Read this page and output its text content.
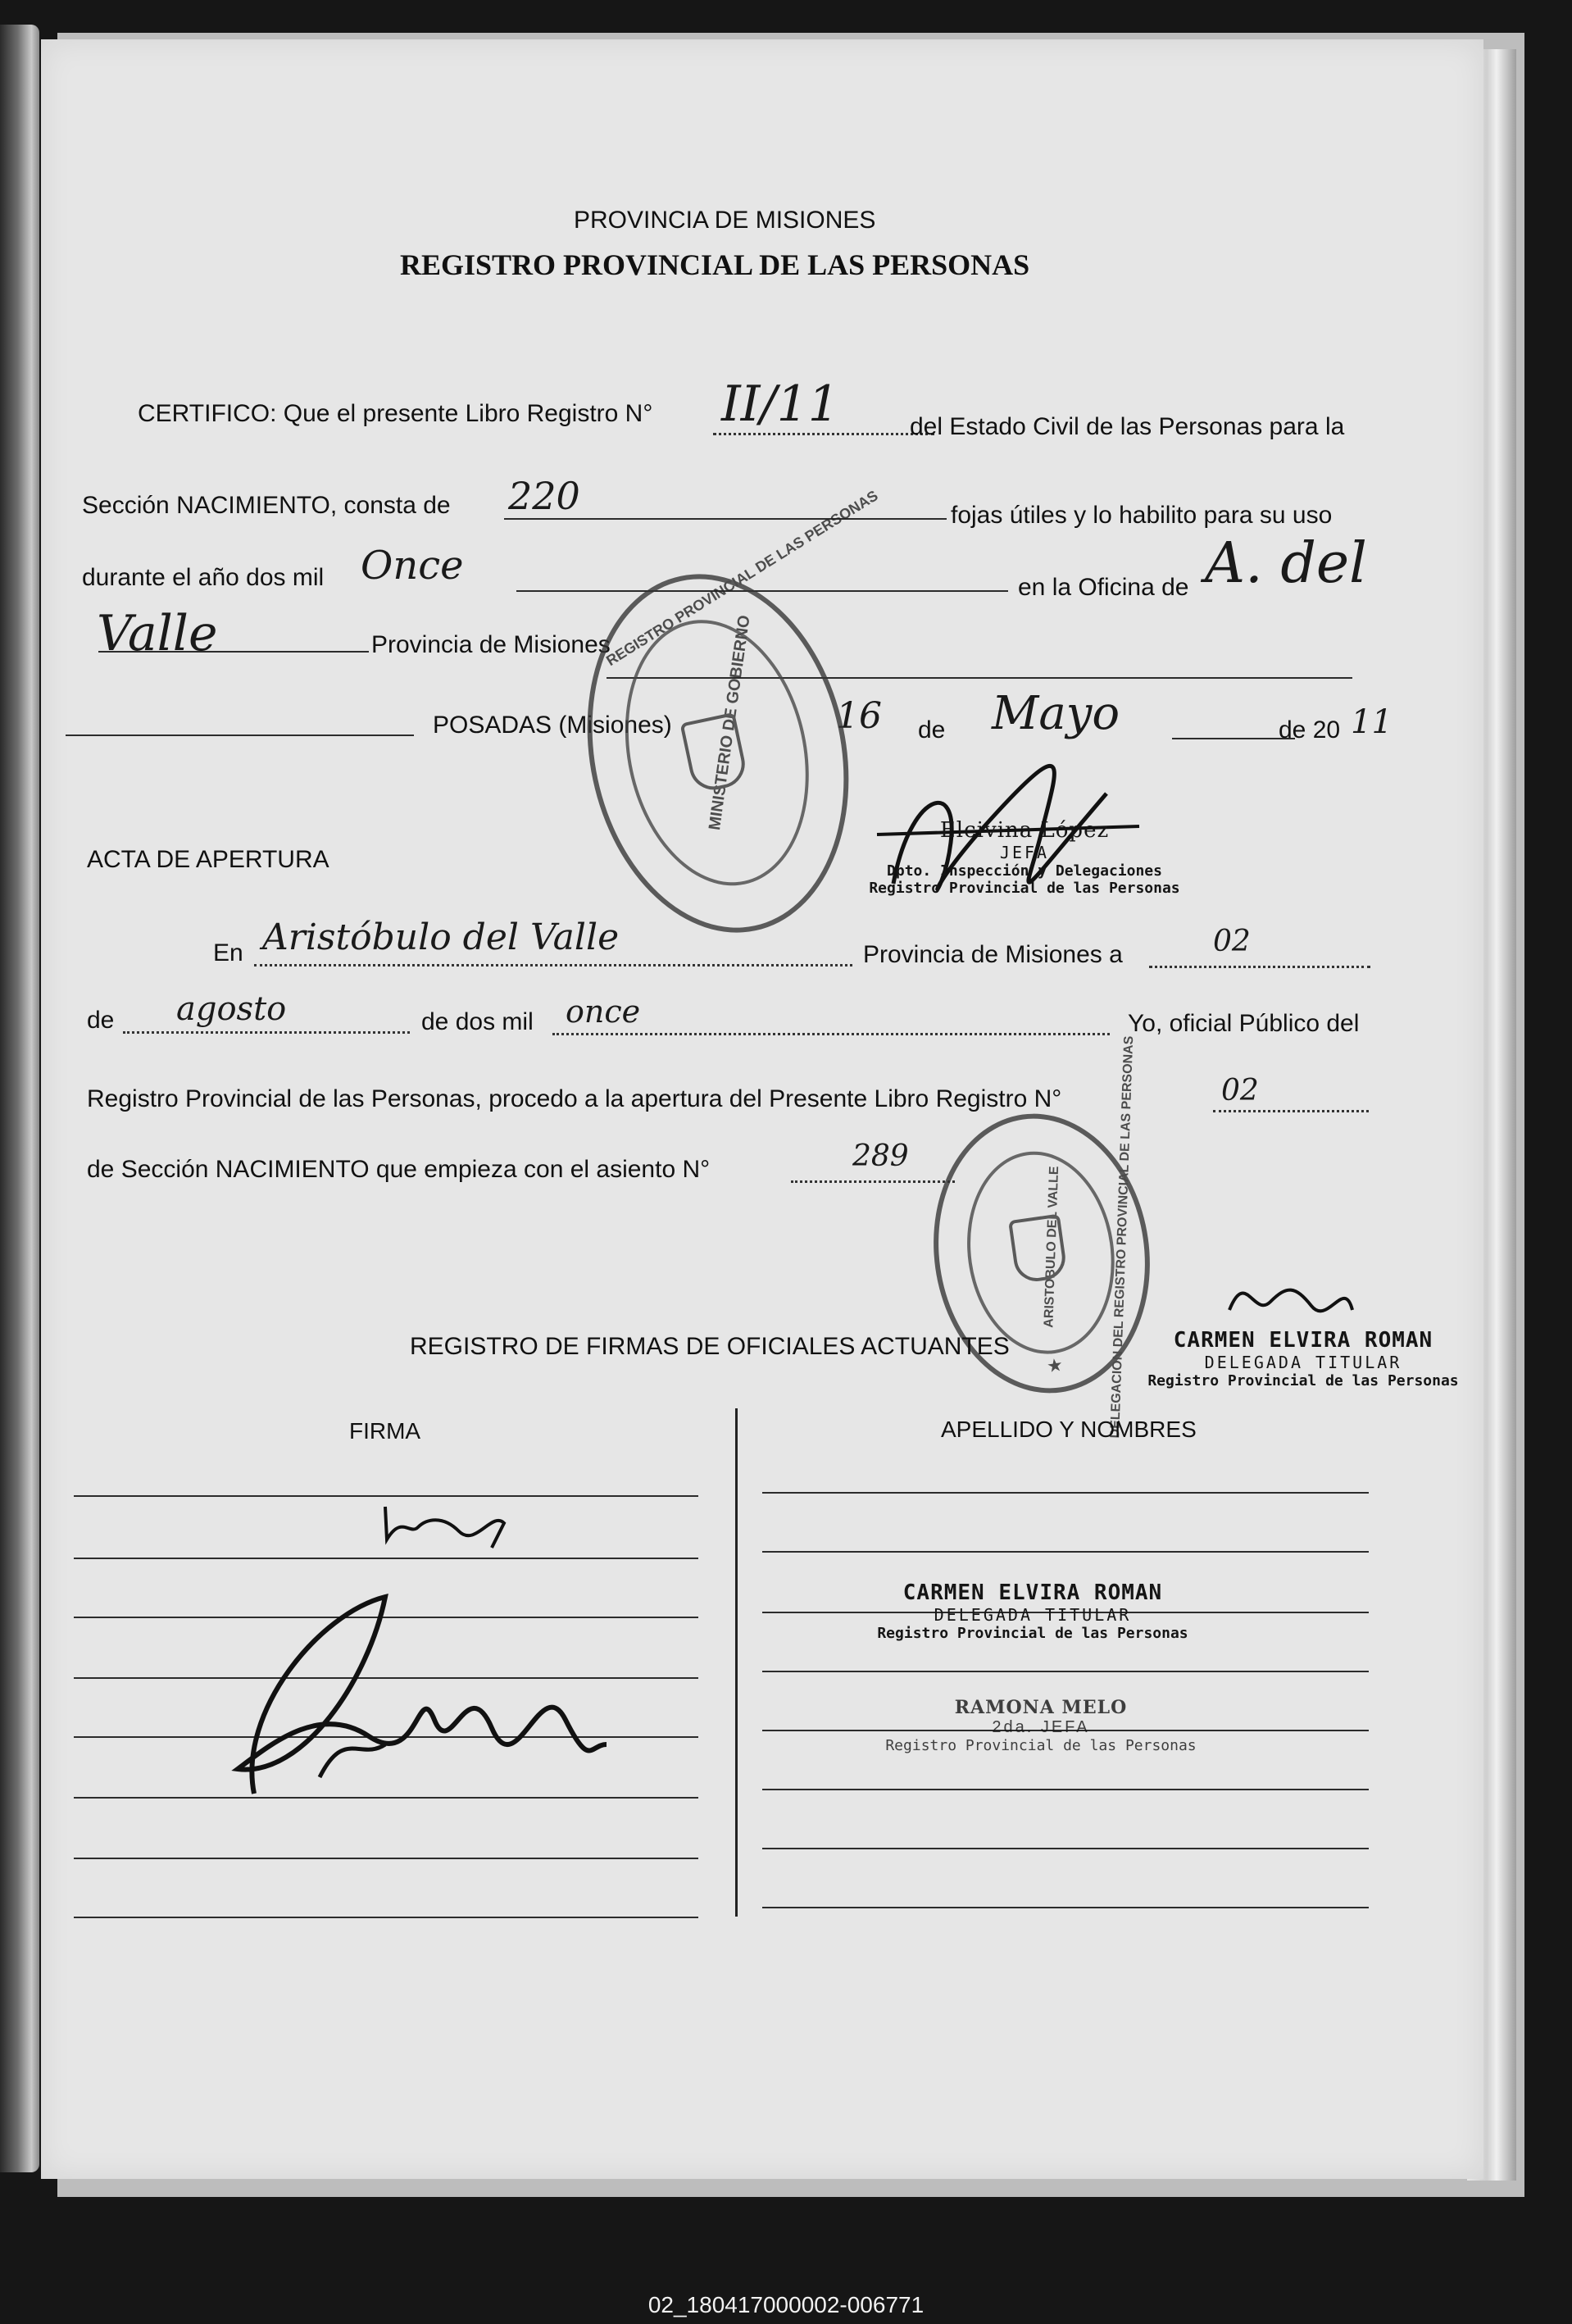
PROVINCIA DE MISIONES
REGISTRO PROVINCIAL DE LAS PERSONAS
CERTIFICO: Que el presente Libro Registro N° II/11	del Estado Civil de las Personas para la
Sección NACIMIENTO, consta de 220	fojas útiles y lo habilito para su uso
durante el año dos mil Once	en la Oficina de A. del
Valle	Provincia de Misiones
POSADAS (Misiones)	16 de Mayo	de 20 11
REGISTRO PROVINCIAL DE LAS PERSONAS
MINISTERIO DE GOBIERNO	Elcivina López
JEFA
Dpto. Inspección y Delegaciones
Registro Provincial de las Personas
ACTA DE APERTURA
En Aristóbulo del Valle	Provincia de Misiones a	02
de agosto	de dos mil once	Yo, oficial Público del
Registro Provincial de las Personas, procedo a la apertura del Presente Libro Registro N°	02
de Sección NACIMIENTO que empieza con el asiento N°	289	DELEGACION DEL REGISTRO PROVINCIAL DE LAS PERSONAS
ARISTOBULO DEL VALLE
★
CARMEN ELVIRA ROMAN
DELEGADA TITULAR
Registro Provincial de las Personas
REGISTRO DE FIRMAS DE OFICIALES ACTUANTES
FIRMA	APELLIDO Y NOMBRES
CARMEN ELVIRA ROMAN
DELEGADA TITULAR
Registro Provincial de las Personas
RAMONA MELO
2da. JEFA
Registro Provincial de las Personas
02_180417000002-006771
